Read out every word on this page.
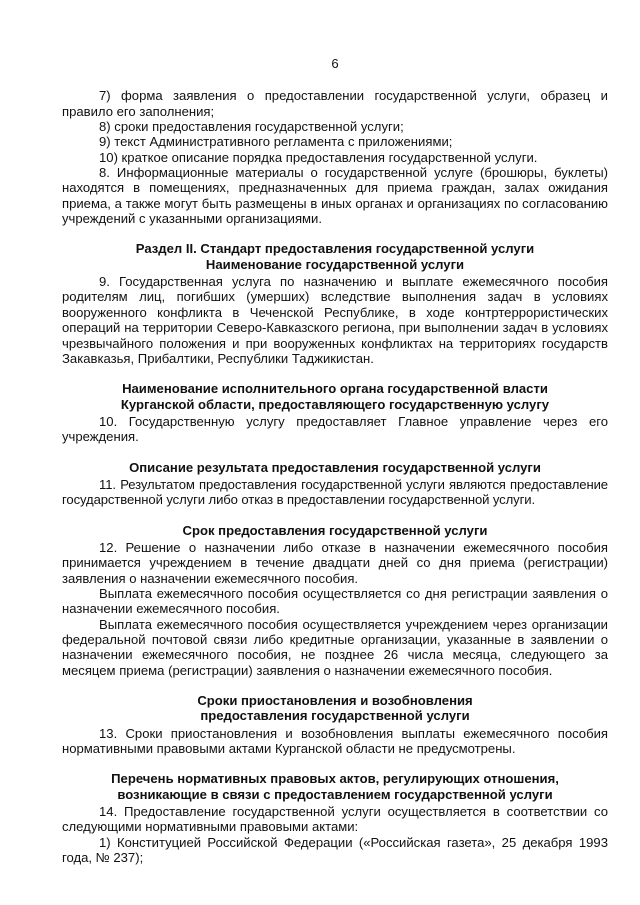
6

7) форма заявления о предоставлении государственной услуги, образец и правило его заполнения;

8) сроки предоставления государственной услуги;

9) текст Административного регламента с приложениями;

10) краткое описание порядка предоставления государственной услуги.

8. Информационные материалы о государственной услуге (брошюры, буклеты) находятся в помещениях, предназначенных для приема граждан, залах ожидания приема, а также могут быть размещены в иных органах и организациях по согласованию учреждений с указанными организациями.

Раздел II. Стандарт предоставления государственной услуги
Наименование государственной услуги

9. Государственная услуга по назначению и выплате ежемесячного пособия родителям лиц, погибших (умерших) вследствие выполнения задач в условиях вооруженного конфликта в Чеченской Республике, в ходе контртеррористических операций на территории Северо-Кавказского региона, при выполнении задач в условиях чрезвычайного положения и при вооруженных конфликтах на территориях государств Закавказья, Прибалтики, Республики Таджикистан.

Наименование исполнительного органа государственной власти
Курганской области, предоставляющего государственную услугу

10. Государственную услугу предоставляет Главное управление через его учреждения.

Описание результата предоставления государственной услуги

11. Результатом предоставления государственной услуги являются предоставление государственной услуги либо отказ в предоставлении государственной услуги.

Срок предоставления государственной услуги

12. Решение о назначении либо отказе в назначении ежемесячного пособия принимается учреждением в течение двадцати дней со дня приема (регистрации) заявления о назначении ежемесячного пособия.

Выплата ежемесячного пособия осуществляется со дня регистрации заявления о назначении ежемесячного пособия.

Выплата ежемесячного пособия осуществляется учреждением через организации федеральной почтовой связи либо кредитные организации, указанные в заявлении о назначении ежемесячного пособия, не позднее 26 числа месяца, следующего за месяцем приема (регистрации) заявления о назначении ежемесячного пособия.

Сроки приостановления и возобновления
предоставления государственной услуги

13. Сроки приостановления и возобновления выплаты ежемесячного пособия нормативными правовыми актами Курганской области не предусмотрены.

Перечень нормативных правовых актов, регулирующих отношения,
возникающие в связи с предоставлением государственной услуги

14. Предоставление государственной услуги осуществляется в соответствии со следующими нормативными правовыми актами:

1) Конституцией Российской Федерации («Российская газета», 25 декабря 1993 года, № 237);
